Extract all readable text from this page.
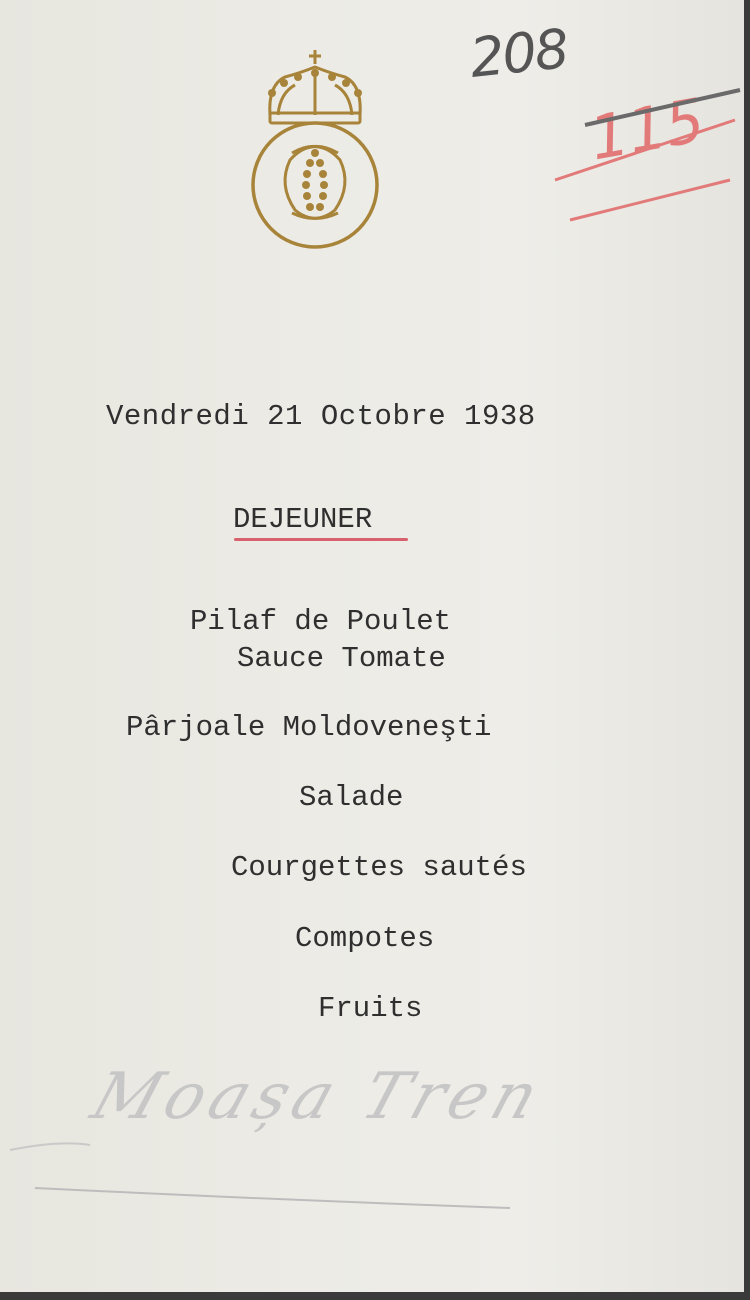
208
115
Vendredi 21 Octobre 1938
DEJEUNER
Pilaf de Poulet
Sauce Tomate
Pârjoale Moldoveneşti
Salade
Courgettes sautés
Compotes
Fruits
Moașa Tren
